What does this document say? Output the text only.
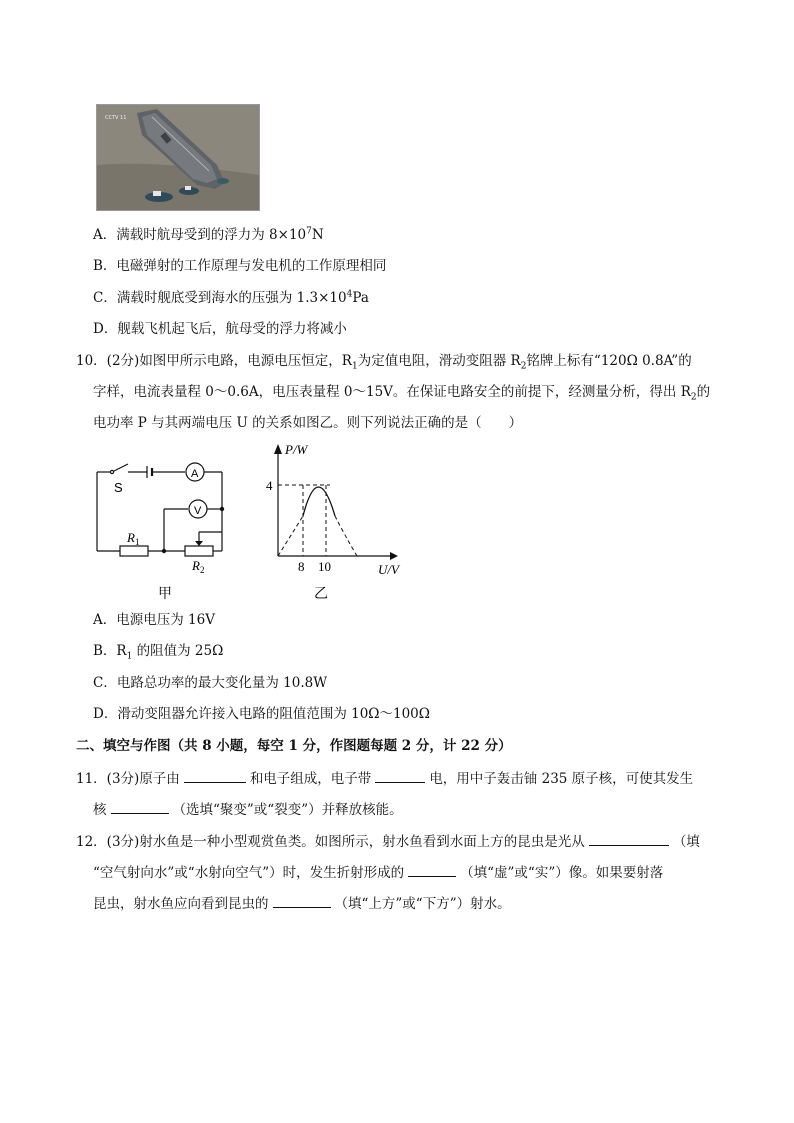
CCTV 11
A．满载时航母受到的浮力为 $8\times 10^7N$
B．电磁弹射的工作原理与发电机的工作原理相同
C．满载时舰底受到海水的压强为 $1.3\times 10^4Pa$
D．舰载飞机起飞后，航母受的浮力将减小
10．(2分)如图甲所示电路，电源电压恒定，$R_1$为定值电阻，滑动变阻器 $R_2$铭牌上标有“120Ω 0.8A”的
字样，电流表量程 0～0.6A，电压表量程 0～15V。在保证电路安全的前提下，经测量分析，得出 $R_2$的
电功率 P 与其两端电压 U 的关系如图乙。则下列说法正确的是（　　）
S
A
V
$R_1$
$R_2$
甲
P/W
U/V
4
8 10
乙
A．电源电压为 16V
B．$R_1$ 的阻值为 25Ω
C．电路总功率的最大变化量为 10.8W
D．滑动变阻器允许接入电路的阻值范围为 10Ω～100Ω
二、填空与作图（共 8 小题，每空 1 分，作图题每题 2 分，计 22 分）
11．(3分)原子由	和电子组成，电子带	电，用中子轰击铀 235 原子核，可使其发生
核	（选填“聚变”或“裂变”）并释放核能。
12．(3分)射水鱼是一种小型观赏鱼类。如图所示，射水鱼看到水面上方的昆虫是光从	（填
“空气射向水”或“水射向空气”）时，发生折射形成的	（填“虚”或“实”）像。如果要射落
昆虫，射水鱼应向看到昆虫的	（填“上方”或“下方”）射水。
